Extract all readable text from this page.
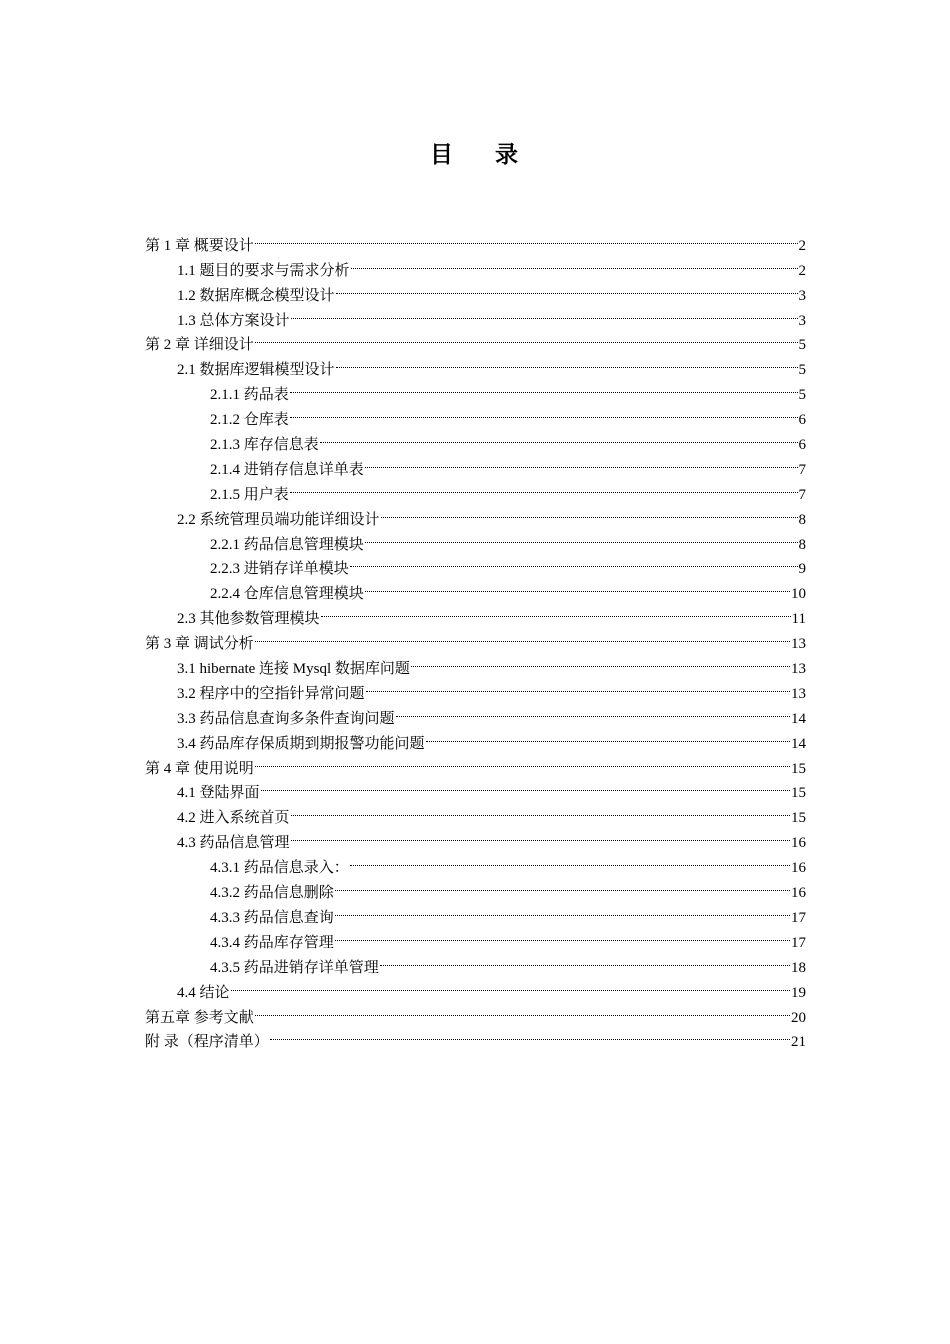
目 录
第 1 章 概要设计	2
1.1 题目的要求与需求分析	2
1.2 数据库概念模型设计	3
1.3 总体方案设计	3
第 2 章 详细设计	5
2.1 数据库逻辑模型设计	5
2.1.1 药品表	5
2.1.2 仓库表	6
2.1.3 库存信息表	6
2.1.4 进销存信息详单表	7
2.1.5 用户表	7
2.2 系统管理员端功能详细设计	8
2.2.1 药品信息管理模块	8
2.2.3 进销存详单模块	9
2.2.4 仓库信息管理模块	10
2.3 其他参数管理模块	11
第 3 章 调试分析	13
3.1 hibernate 连接 Mysql 数据库问题	13
3.2 程序中的空指针异常问题	13
3.3 药品信息查询多条件查询问题	14
3.4 药品库存保质期到期报警功能问题	14
第 4 章 使用说明	15
4.1 登陆界面	15
4.2 进入系统首页	15
4.3 药品信息管理	16
4.3.1 药品信息录入：	16
4.3.2 药品信息删除	16
4.3.3 药品信息查询	17
4.3.4 药品库存管理	17
4.3.5 药品进销存详单管理	18
4.4 结论	19
第五章 参考文献	20
附 录（程序清单）	21
